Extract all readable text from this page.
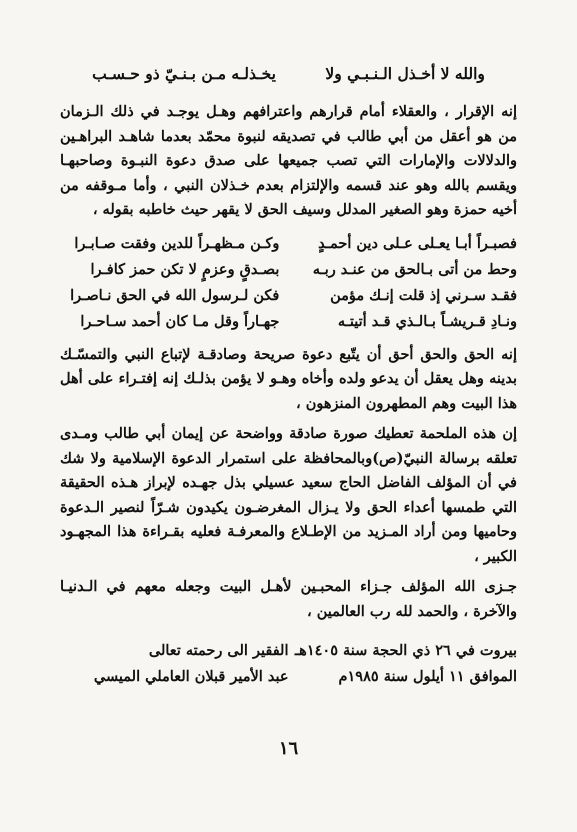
والله لا أخـذل الـنـبـي ولا يخـذلـه مـن بـنـيّ ذو حـسـب

إنه الإقرار ، والعقلاء أمام قرارهم واعترافهم وهـل يوجـد في ذلك الـزمان من هو أعقل من أبي طالب في تصديقه لنبوة محمّد بعدما شاهـد البراهـين والدلالات والإمارات التي تصب جميعها على صدق دعوة النبـوة وصاحبهـا ويقسم بالله وهو عند قسمه والإلتزام بعدم خـذلان النبي ، وأما مـوقفه من أخيه حمزة وهو الصغير المدلل وسيف الحق لا يقهر حيث خاطبه بقوله ،

فصبـراً أبـا يعـلى عـلى دين أحمـدٍ
وكـن مـظهـراً للدين وفقت صـابـرا
وحط من أتى بـالحق من عنـد ربـه
بصـدقٍ وعزمٍ لا تكن حمز كافـرا
فقـد سـرني إذ قلت إنـك مؤمن
فكن لـرسول الله في الحق نـاصـرا
ونـادِ قـريشـاً بـالـذي قـد أتيتـه
جهـاراً وقل مـا كان أحمد سـاحـرا

إنه الحق والحق أحق أن يتّبع دعوة صريحة وصادقـة لإتباع النبي والتمسّـك بدينه وهل يعقل أن يدعو ولده وأخاه وهـو لا يؤمن بذلـك إنه إفتـراء على أهل هذا البيت وهم المطهرون المنزهون ،

إن هذه الملحمة تعطيك صورة صادقة وواضحة عن إيمان أبي طالب ومـدى تعلقه برسالة النبيّ(ص)وبالمحافظة على استمرار الدعوة الإسلامية ولا شك في أن المؤلف الفاضل الحاج سعيد عسيلي بذل جهـده لإبراز هـذه الحقيقة التي طمسها أعداء الحق ولا يـزال المغرضـون يكيدون شـرّاً لنصير الـدعوة وحاميها ومن أراد المـزيد من الإطـلاع والمعرفـة فعليه بقـراءة هذا المجهـود الكبير ،

جـزى الله المؤلف جـزاء المحبـين لأهـل البيت وجعله معهم في الـدنيـا والآخرة ، والحمد لله رب العالمين ،

بيروت في ٢٦ ذي الحجة سنة ١٤٠٥هـ
الموافق ١١ أيلول سنة ١٩٨٥م
الفقير الى رحمته تعالى
عبد الأمير قبلان العاملي الميسي
١٦
